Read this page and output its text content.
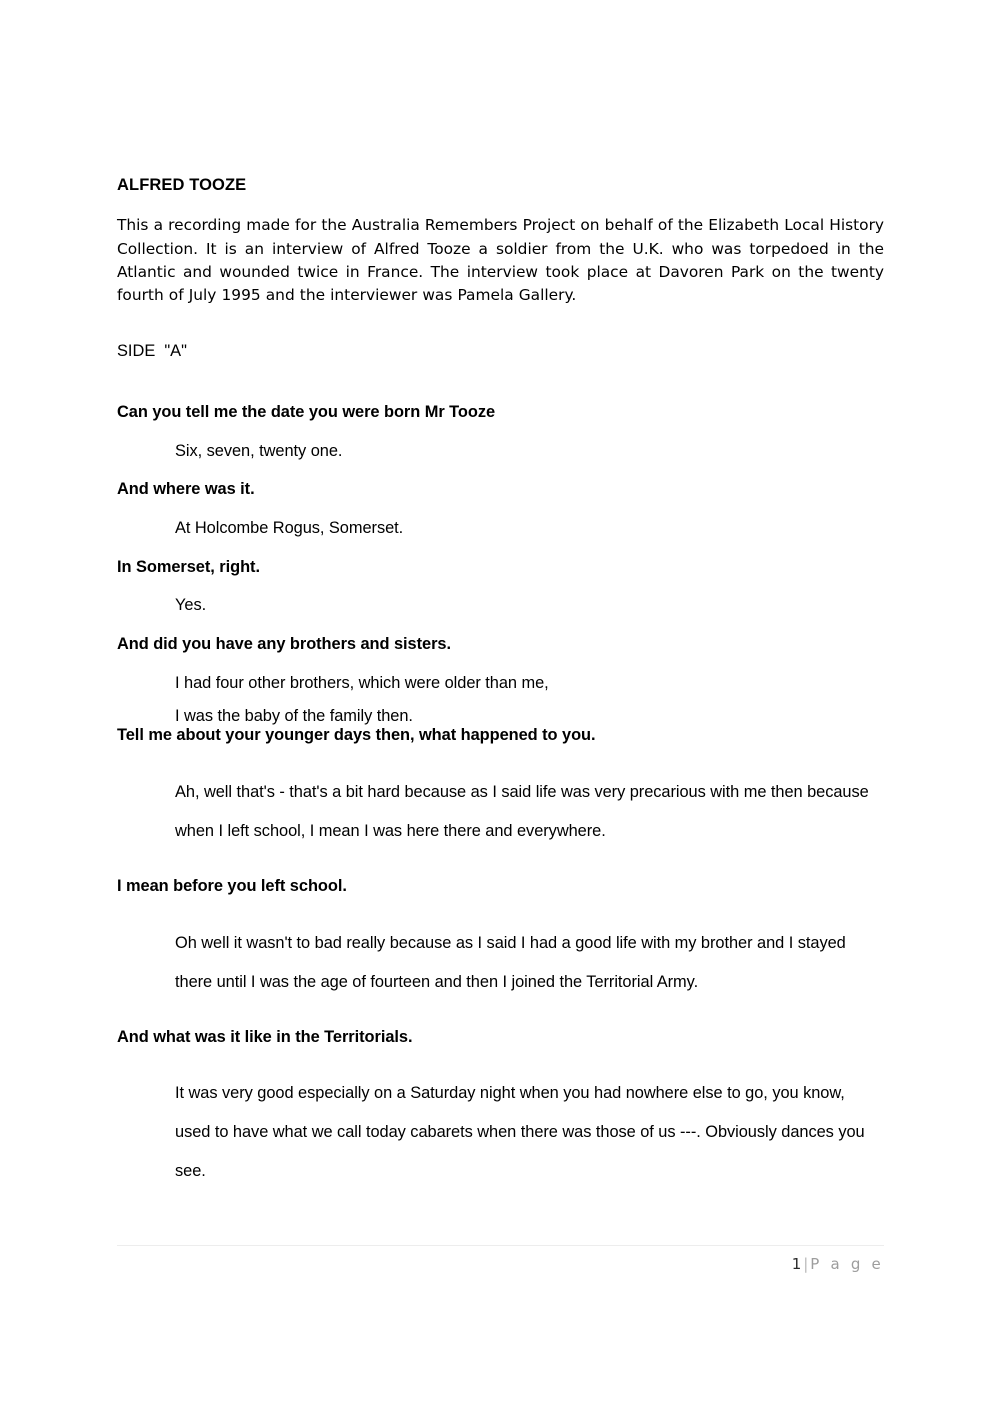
ALFRED TOOZE

This a recording made for the Australia Remembers Project on behalf of the Elizabeth Local History Collection. It is an interview of Alfred Tooze a soldier from the U.K. who was torpedoed in the Atlantic and wounded twice in France. The interview took place at Davoren Park on the twenty fourth of July 1995 and the interviewer was Pamela Gallery.

SIDE  "A"

Can you tell me the date you were born Mr Tooze

Six, seven, twenty one.

And where was it.

At Holcombe Rogus, Somerset.

In Somerset, right.

Yes.

And did you have any brothers and sisters.

I had four other brothers, which were older than me,

I was the baby of the family then.

Tell me about your younger days then, what happened to you.

Ah, well that's - that's a bit hard because as I said life was very precarious with me then because

when I left school, I mean I was here there and everywhere.

I mean before you left school.

Oh well it wasn't to bad really because as I said I had a good life with my brother and I stayed

there until I was the age of fourteen and then I joined the Territorial Army.

And what was it like in the Territorials.

It was very good especially on a Saturday night when you had nowhere else to go, you know,

used to have what we call today cabarets when there was those of us ---. Obviously dances you

see.

1 | P a g e
